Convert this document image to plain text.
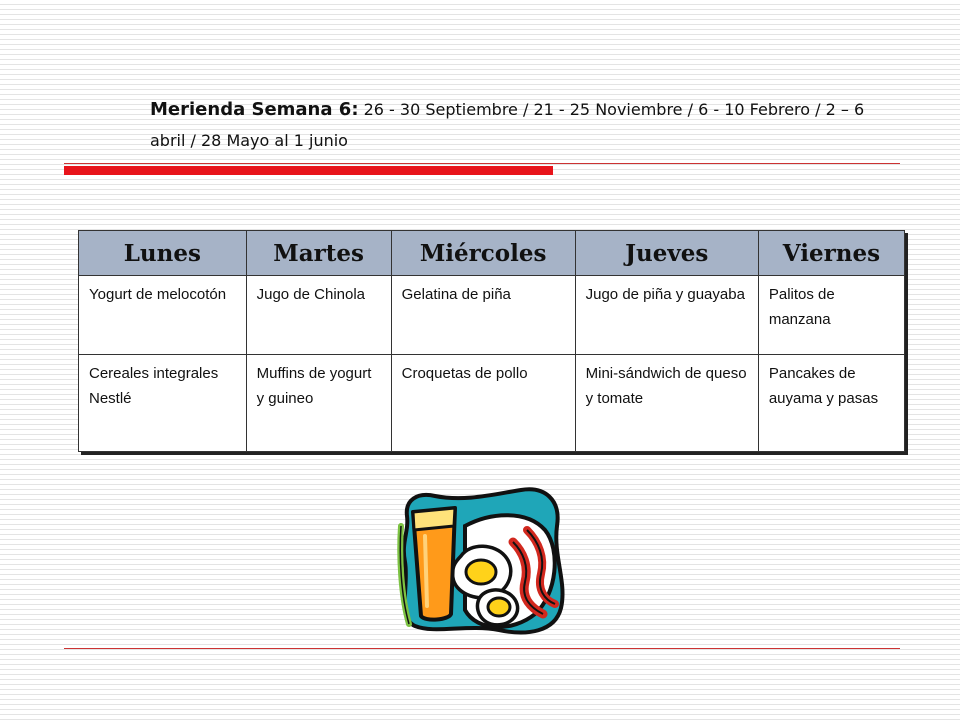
Merienda Semana 6: 26 - 30 Septiembre / 21 - 25 Noviembre / 6 - 10 Febrero / 2 – 6 abril / 28 Mayo al 1 junio

Lunes	Martes	Miércoles	Jueves	Viernes
Yogurt de melocotón	Jugo de Chinola	Gelatina de piña	Jugo de piña y guayaba	Palitos de manzana
Cereales integrales Nestlé	Muffins de yogurt y guineo	Croquetas de pollo	Mini-sándwich de queso y tomate	Pancakes de auyama y pasas
